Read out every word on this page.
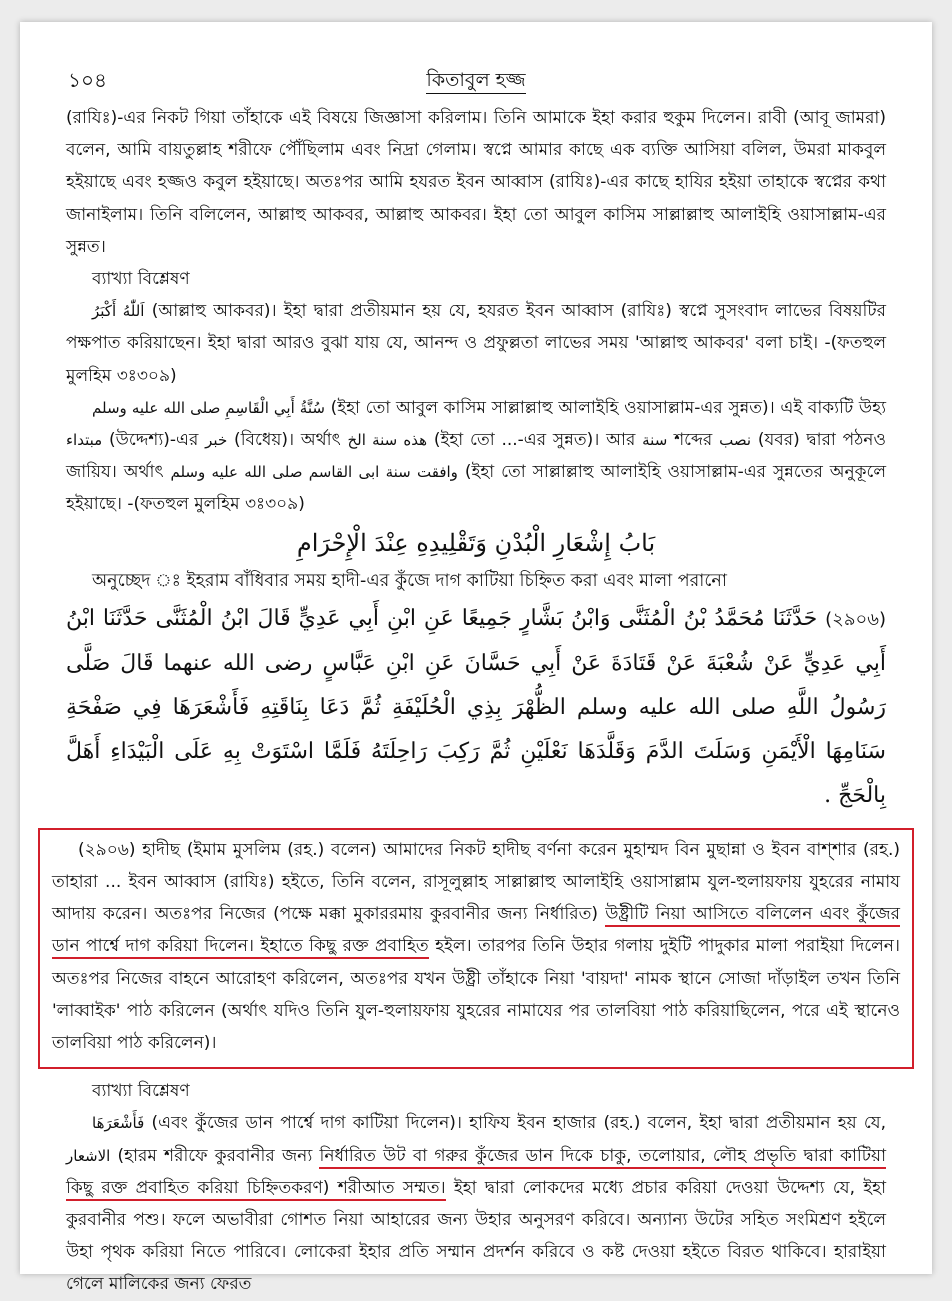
১০৪	কিতাবুল হজ্জ

(রাযিঃ)-এর নিকট গিয়া তাঁহাকে এই বিষয়ে জিজ্ঞাসা করিলাম। তিনি আমাকে ইহা করার হুকুম দিলেন। রাবী (আবূ জামরা) বলেন, আমি বায়তুল্লাহ শরীফে পৌঁছিলাম এবং নিদ্রা গেলাম। স্বপ্নে আমার কাছে এক ব্যক্তি আসিয়া বলিল, উমরা মাকবুল হইয়াছে এবং হজ্জও কবুল হইয়াছে। অতঃপর আমি হযরত ইবন আব্বাস (রাযিঃ)-এর কাছে হাযির হইয়া তাহাকে স্বপ্নের কথা জানাইলাম। তিনি বলিলেন, আল্লাহু আকবর, আল্লাহু আকবর। ইহা তো আবুল কাসিম সাল্লাল্লাহু আলাইহি ওয়াসাল্লাম-এর সুন্নত।

ব্যাখ্যা বিশ্লেষণ

اَللّٰهُ أَكْبَرُ (আল্লাহু আকবর)। ইহা দ্বারা প্রতীয়মান হয় যে, হযরত ইবন আব্বাস (রাযিঃ) স্বপ্নে সুসংবাদ লাভের বিষয়টির পক্ষপাত করিয়াছেন। ইহা দ্বারা আরও বুঝা যায় যে, আনন্দ ও প্রফুল্লতা লাভের সময় 'আল্লাহু আকবর' বলা চাই। -(ফতহুল মুলহিম ৩ঃ৩০৯)

سُنَّةُ أَبِي الْقَاسِمِ صلى الله عليه وسلم (ইহা তো আবুল কাসিম সাল্লাল্লাহু আলাইহি ওয়াসাল্লাম-এর সুন্নত)। এই বাক্যটি উহ্য مبتداء (উদ্দেশ্য)-এর خبر (বিধেয়)। অর্থাৎ هذه سنة الخ (ইহা তো ...-এর সুন্নত)। আর سنة শব্দের نصب (যবর) দ্বারা পঠনও জায়িয। অর্থাৎ وافقت سنة ابى القاسم صلى الله عليه وسلم (ইহা তো সাল্লাল্লাহু আলাইহি ওয়াসাল্লাম-এর সুন্নতের অনুকূলে হইয়াছে। -(ফতহুল মুলহিম ৩ঃ৩০৯)

بَابُ إِشْعَارِ الْبُدْنِ وَتَقْلِيدِهِ عِنْدَ الْإِحْرَامِ

অনুচ্ছেদ ঃ ইহরাম বাঁধিবার সময় হাদী-এর কুঁজে দাগ কাটিয়া চিহ্নিত করা এবং মালা পরানো

(২৯০৬) حَدَّثَنَا مُحَمَّدُ بْنُ الْمُثَنَّى وَابْنُ بَشَّارٍ جَمِيعًا عَنِ ابْنِ أَبِي عَدِيٍّ قَالَ ابْنُ الْمُثَنَّى حَدَّثَنَا ابْنُ أَبِي عَدِيٍّ عَنْ شُعْبَةَ عَنْ قَتَادَةَ عَنْ أَبِي حَسَّانَ عَنِ ابْنِ عَبَّاسٍ رضى الله عنهما قَالَ صَلَّى رَسُولُ اللَّهِ صلى الله عليه وسلم الظُّهْرَ بِذِي الْحُلَيْفَةِ ثُمَّ دَعَا بِنَاقَتِهِ فَأَشْعَرَهَا فِي صَفْحَةِ سَنَامِهَا الْأَيْمَنِ وَسَلَتَ الدَّمَ وَقَلَّدَهَا نَعْلَيْنِ ثُمَّ رَكِبَ رَاحِلَتَهُ فَلَمَّا اسْتَوَتْ بِهِ عَلَى الْبَيْدَاءِ أَهَلَّ بِالْحَجِّ .

(২৯০৬) হাদীছ (ইমাম মুসলিম (রহ.) বলেন) আমাদের নিকট হাদীছ বর্ণনা করেন মুহাম্মদ বিন মুছান্না ও ইবন বাশ্শার (রহ.) তাহারা ... ইবন আব্বাস (রাযিঃ) হইতে, তিনি বলেন, রাসূলুল্লাহ সাল্লাল্লাহু আলাইহি ওয়াসাল্লাম যুল-হুলায়ফায় যুহরের নামায আদায় করেন। অতঃপর নিজের (পক্ষে মক্কা মুকাররমায় কুরবানীর জন্য নির্ধারিত) উষ্ট্রীটি নিয়া আসিতে বলিলেন এবং কুঁজের ডান পার্শ্বে দাগ করিয়া দিলেন। ইহাতে কিছু রক্ত প্রবাহিত হইল। তারপর তিনি উহার গলায় দুইটি পাদুকার মালা পরাইয়া দিলেন। অতঃপর নিজের বাহনে আরোহণ করিলেন, অতঃপর যখন উষ্ট্রী তাঁহাকে নিয়া 'বায়দা' নামক স্থানে সোজা দাঁড়াইল তখন তিনি 'লাব্বাইক' পাঠ করিলেন (অর্থাৎ যদিও তিনি যুল-হুলায়ফায় যুহরের নামাযের পর তালবিয়া পাঠ করিয়াছিলেন, পরে এই স্থানেও তালবিয়া পাঠ করিলেন)।

ব্যাখ্যা বিশ্লেষণ

فَأَشْعَرَهَا (এবং কুঁজের ডান পার্শ্বে দাগ কাটিয়া দিলেন)। হাফিয ইবন হাজার (রহ.) বলেন, ইহা দ্বারা প্রতীয়মান হয় যে, الاشعار (হারম শরীফে কুরবানীর জন্য নির্ধারিত উট বা গরুর কুঁজের ডান দিকে চাকু, তলোয়ার, লৌহ প্রভৃতি দ্বারা কাটিয়া কিছু রক্ত প্রবাহিত করিয়া চিহ্নিতকরণ) শরীআত সম্মত। ইহা দ্বারা লোকদের মধ্যে প্রচার করিয়া দেওয়া উদ্দেশ্য যে, ইহা কুরবানীর পশু। ফলে অভাবীরা গোশত নিয়া আহারের জন্য উহার অনুসরণ করিবে। অন্যান্য উটের সহিত সংমিশ্রণ হইলে উহা পৃথক করিয়া নিতে পারিবে। লোকেরা ইহার প্রতি সম্মান প্রদর্শন করিবে ও কষ্ট দেওয়া হইতে বিরত থাকিবে। হারাইয়া গেলে মালিকের জন্য ফেরত
